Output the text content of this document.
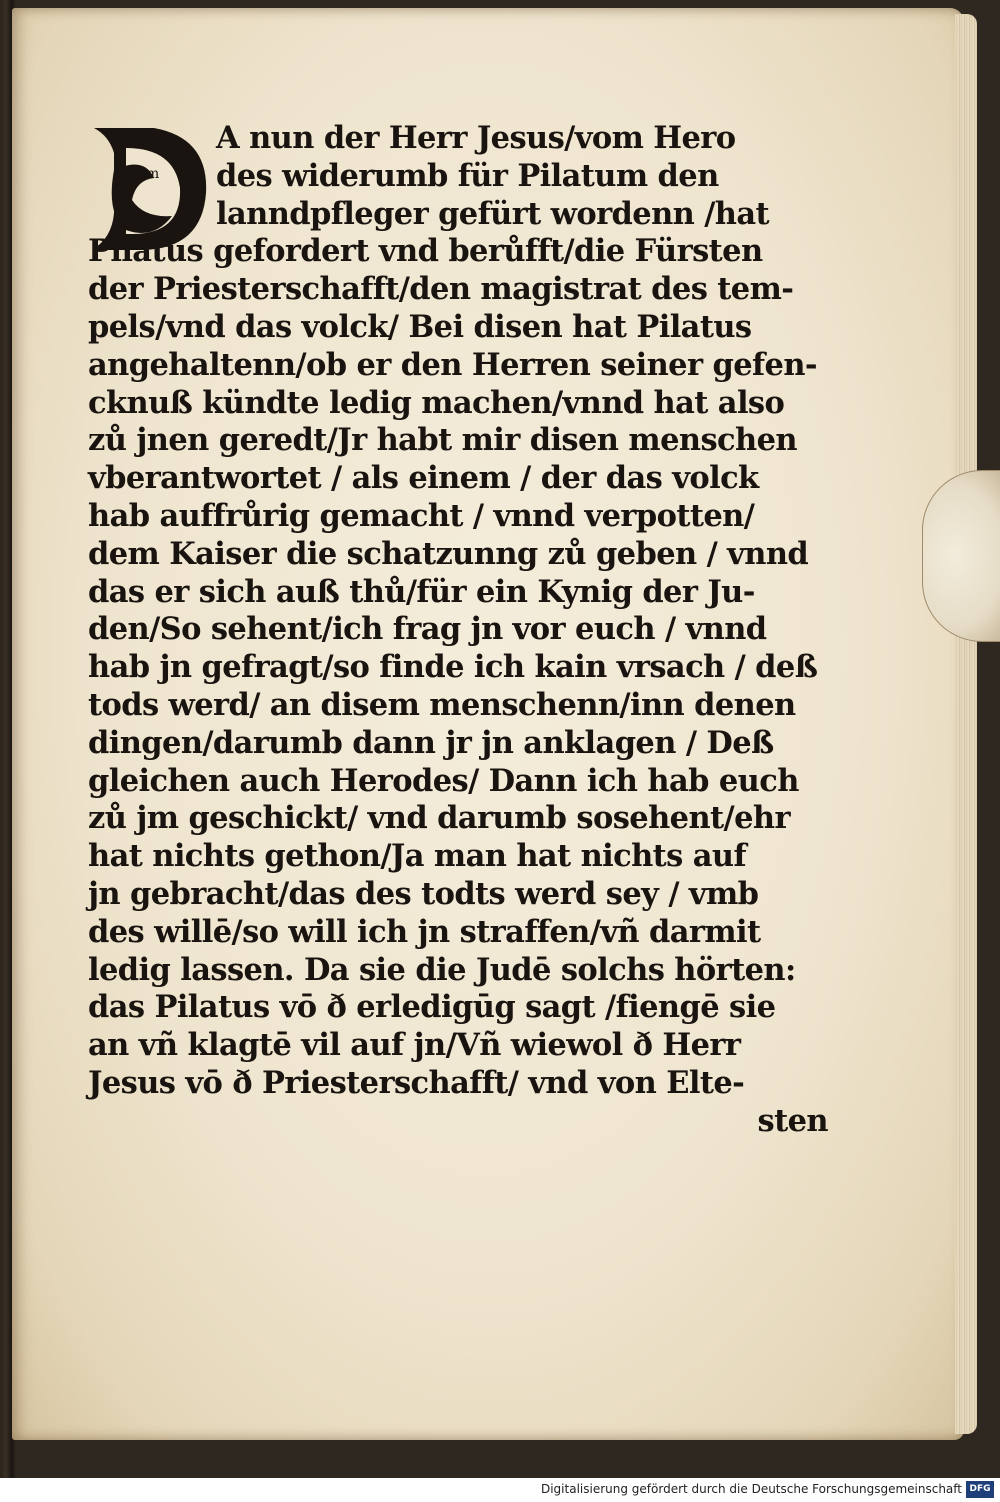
m
A nun der Herr Jesus/vom Hero
des widerumb für Pilatum den
lanndpfleger gefürt wordenn /hat
Pilatus gefordert vnd berůfft/die Fürsten
der Priesterschafft/den magistrat des tem-
pels/vnd das volck/ Bei disen hat Pilatus
angehaltenn/ob er den Herren seiner gefen-
cknuß kündte ledig machen/vnnd hat also
zů jnen geredt/Jr habt mir disen menschen
vberantwortet / als einem / der das volck
hab auffrůrig gemacht / vnnd verpotten/
dem Kaiser die schatzunng zů geben / vnnd
das er sich auß thů/für ein Kynig der Ju-
den/So sehent/ich frag jn vor euch / vnnd
hab jn gefragt/so finde ich kain vrsach / deß
tods werd/ an disem menschenn/inn denen
dingen/darumb dann jr jn anklagen / Deß
gleichen auch Herodes/ Dann ich hab euch
zů jm geschickt/ vnd darumb sosehent/ehr
hat nichts gethon/Ja man hat nichts auf
jn gebracht/das des todts werd sey / vmb
des willē/so will ich jn straffen/vñ darmit
ledig lassen. Da sie die Judē solchs hörten:
das Pilatus vō ð erledigūg sagt /fiengē sie
an vñ klagtē vil auf jn/Vñ wiewol ð Herr
Jesus vō ð Priesterschafft/ vnd von Elte-
sten
Digitalisierung gefördert durch die Deutsche Forschungsgemeinschaft DFG
